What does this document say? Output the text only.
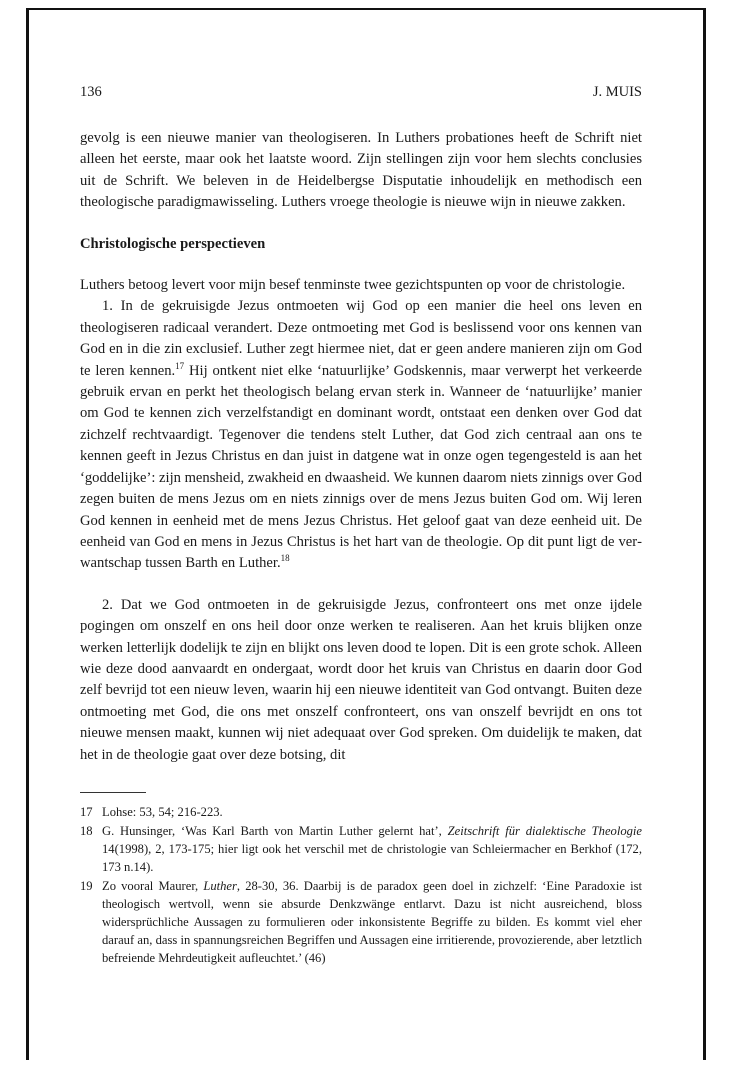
136	J. MUIS

gevolg is een nieuwe manier van theologiseren. In Luthers probationes heeft de Schrift niet alleen het eerste, maar ook het laatste woord. Zijn stellingen zijn voor hem slechts conclusies uit de Schrift. We beleven in de Heidelbergse Disputatie inhoudelijk en methodisch een theologische paradigmawisseling. Luthers vroege theologie is nieuwe wijn in nieuwe zakken.

Christologische perspectieven

Luthers betoog levert voor mijn besef tenminste twee gezichtspunten op voor de christologie.

1. In de gekruisigde Jezus ontmoeten wij God op een manier die heel ons leven en theologiseren radicaal verandert. Deze ontmoeting met God is beslissend voor ons kennen van God en in die zin exclusief. Luther zegt hiermee niet, dat er geen andere manieren zijn om God te leren kennen.$^{17}$ Hij ontkent niet elke ‘natuurlijke’ Godskennis, maar verwerpt het verkeerde gebruik ervan en perkt het theologisch belang ervan sterk in. Wanneer de ‘natuurlijke’ manier om God te kennen zich verzelfstandigt en dominant wordt, ontstaat een denken over God dat zichzelf rechtvaardigt. Tegenover die tendens stelt Luther, dat God zich centraal aan ons te kennen geeft in Jezus Christus en dan juist in datgene wat in onze ogen tegengesteld is aan het ‘goddelijke’: zijn mensheid, zwakheid en dwaasheid. We kunnen daarom niets zinnigs over God zegen buiten de mens Jezus om en niets zinnigs over de mens Jezus buiten God om. Wij leren God kennen in eenheid met de mens Jezus Christus. Het geloof gaat van deze eenheid uit. De eenheid van God en mens in Jezus Christus is het hart van de theologie. Op dit punt ligt de verwantschap tussen Barth en Luther.$^{18}$

2. Dat we God ontmoeten in de gekruisigde Jezus, confronteert ons met onze ijdele pogingen om onszelf en ons heil door onze werken te realiseren. Aan het kruis blijken onze werken letterlijk dodelijk te zijn en blijkt ons leven dood te lopen. Dit is een grote schok. Alleen wie deze dood aanvaardt en ondergaat, wordt door het kruis van Christus en daarin door God zelf bevrijd tot een nieuw leven, waarin hij een nieuwe identiteit van God ontvangt. Buiten deze ontmoeting met God, die ons met onszelf confronteert, ons van onszelf bevrijdt en ons tot nieuwe mensen maakt, kunnen wij niet adequaat over God spreken. Om duidelijk te maken, dat het in de theologie gaat over deze botsing, dit

17 Lohse: 53, 54; 216-223.
18 G. Hunsinger, ‘Was Karl Barth von Martin Luther gelernt hat’, Zeitschrift für dialektische Theologie 14(1998), 2, 173-175; hier ligt ook het verschil met de christologie van Schleiermacher en Berkhof (172, 173 n.14).
19 Zo vooral Maurer, Luther, 28-30, 36. Daarbij is de paradox geen doel in zichzelf: ‘Eine Paradoxie ist theologisch wertvoll, wenn sie absurde Denkzwänge entlarvt. Dazu ist nicht ausreichend, bloss widersprüchliche Aussagen zu formulieren oder inkonsistente Begriffe zu bilden. Es kommt viel eher darauf an, dass in spannungsreichen Begriffen und Aussagen eine irritierende, provozierende, aber letztlich befreiende Mehrdeutigkeit aufleuchtet.’ (46)
